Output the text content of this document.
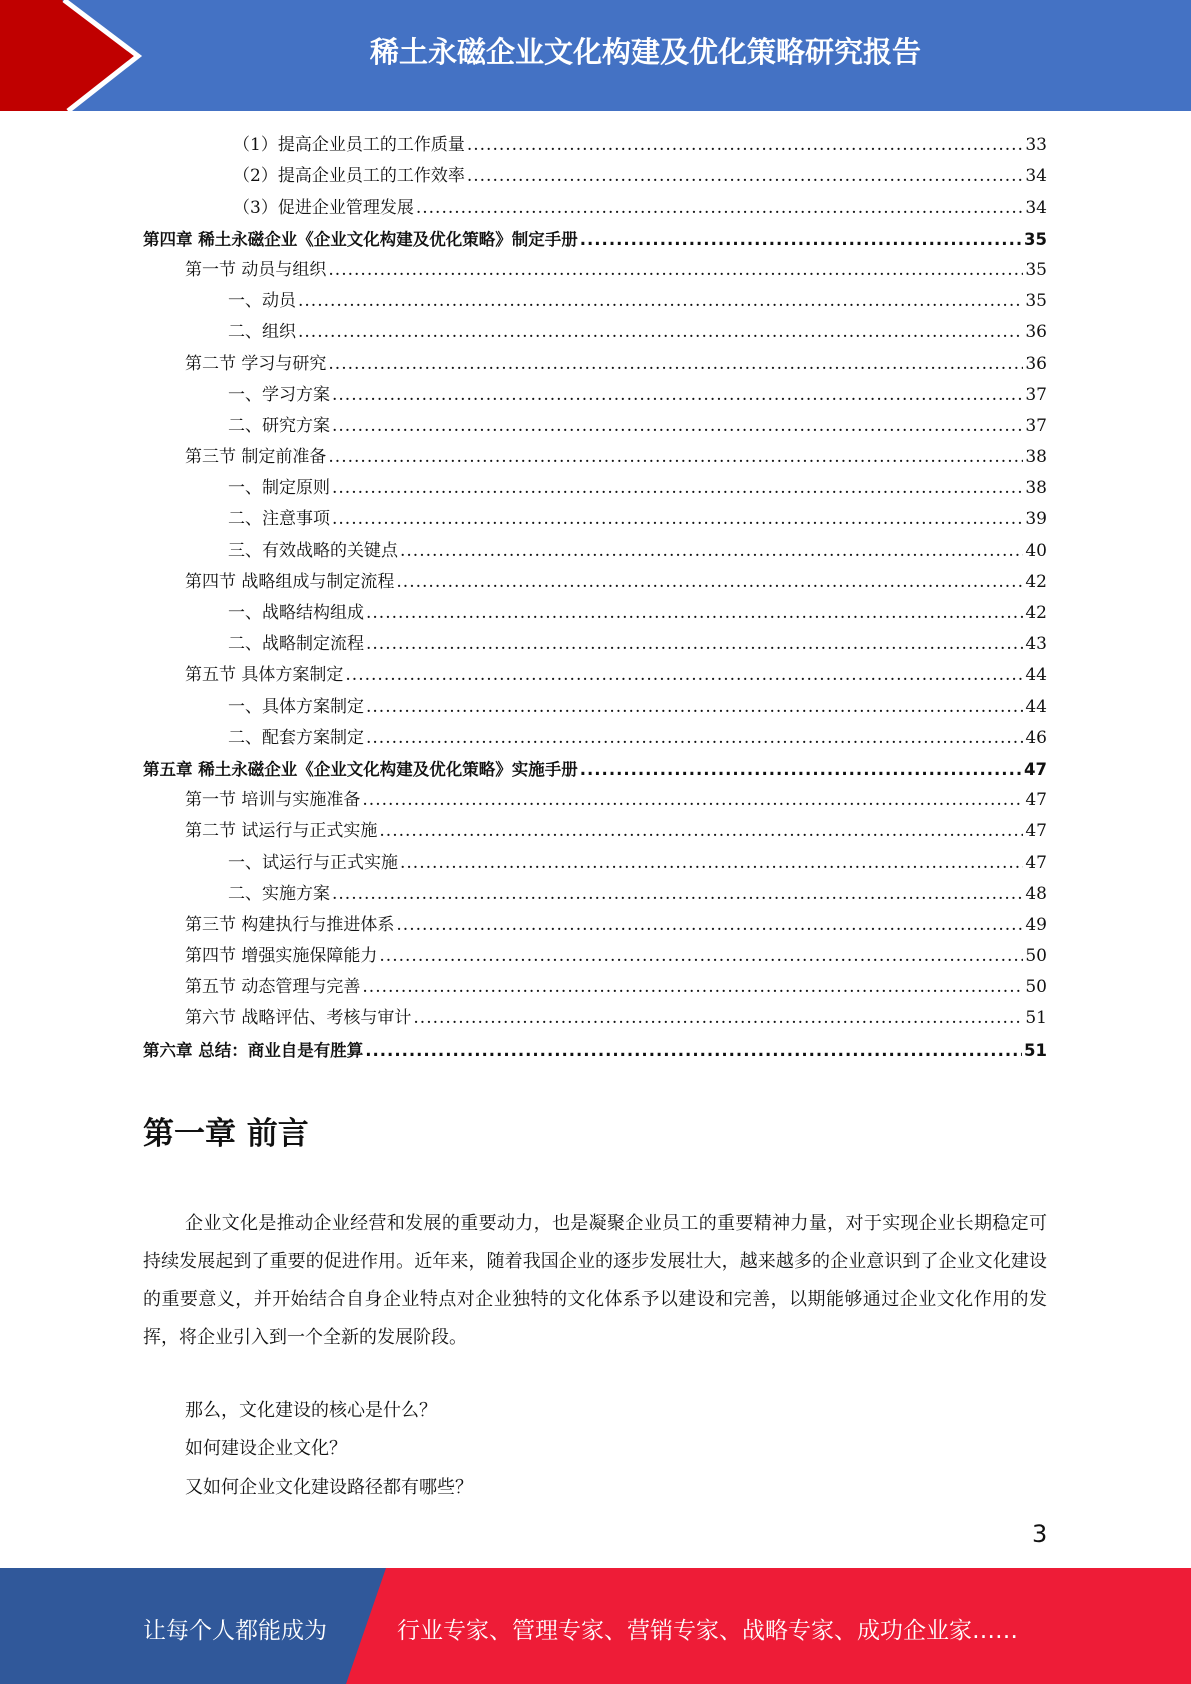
稀土永磁企业文化构建及优化策略研究报告
（1）提高企业员工的工作质量 .....	33
（2）提高企业员工的工作效率 .....	34
（3）促进企业管理发展 .....	34
第四章 稀土永磁企业《企业文化构建及优化策略》制定手册 .....	35
第一节 动员与组织 .....	35
一、动员 .....	35
二、组织 .....	36
第二节 学习与研究 .....	36
一、学习方案 .....	37
二、研究方案 .....	37
第三节 制定前准备 .....	38
一、制定原则 .....	38
二、注意事项 .....	39
三、有效战略的关键点 .....	40
第四节 战略组成与制定流程 .....	42
一、战略结构组成 .....	42
二、战略制定流程 .....	43
第五节 具体方案制定 .....	44
一、具体方案制定 .....	44
二、配套方案制定 .....	46
第五章 稀土永磁企业《企业文化构建及优化策略》实施手册 .....	47
第一节 培训与实施准备 .....	47
第二节 试运行与正式实施 .....	47
一、试运行与正式实施 .....	47
二、实施方案 .....	48
第三节 构建执行与推进体系 .....	49
第四节 增强实施保障能力 .....	50
第五节 动态管理与完善 .....	50
第六节 战略评估、考核与审计 .....	51
第六章 总结：商业自是有胜算 .....	51
第一章 前言

企业文化是推动企业经营和发展的重要动力，也是凝聚企业员工的重要精神力量，对于实现企业长期稳定可持续发展起到了重要的促进作用。近年来，随着我国企业的逐步发展壮大，越来越多的企业意识到了企业文化建设的重要意义，并开始结合自身企业特点对企业独特的文化体系予以建设和完善，以期能够通过企业文化作用的发挥，将企业引入到一个全新的发展阶段。

那么，文化建设的核心是什么？
如何建设企业文化？
又如何企业文化建设路径都有哪些？
3
让每个人都能成为	行业专家、管理专家、营销专家、战略专家、成功企业家……
